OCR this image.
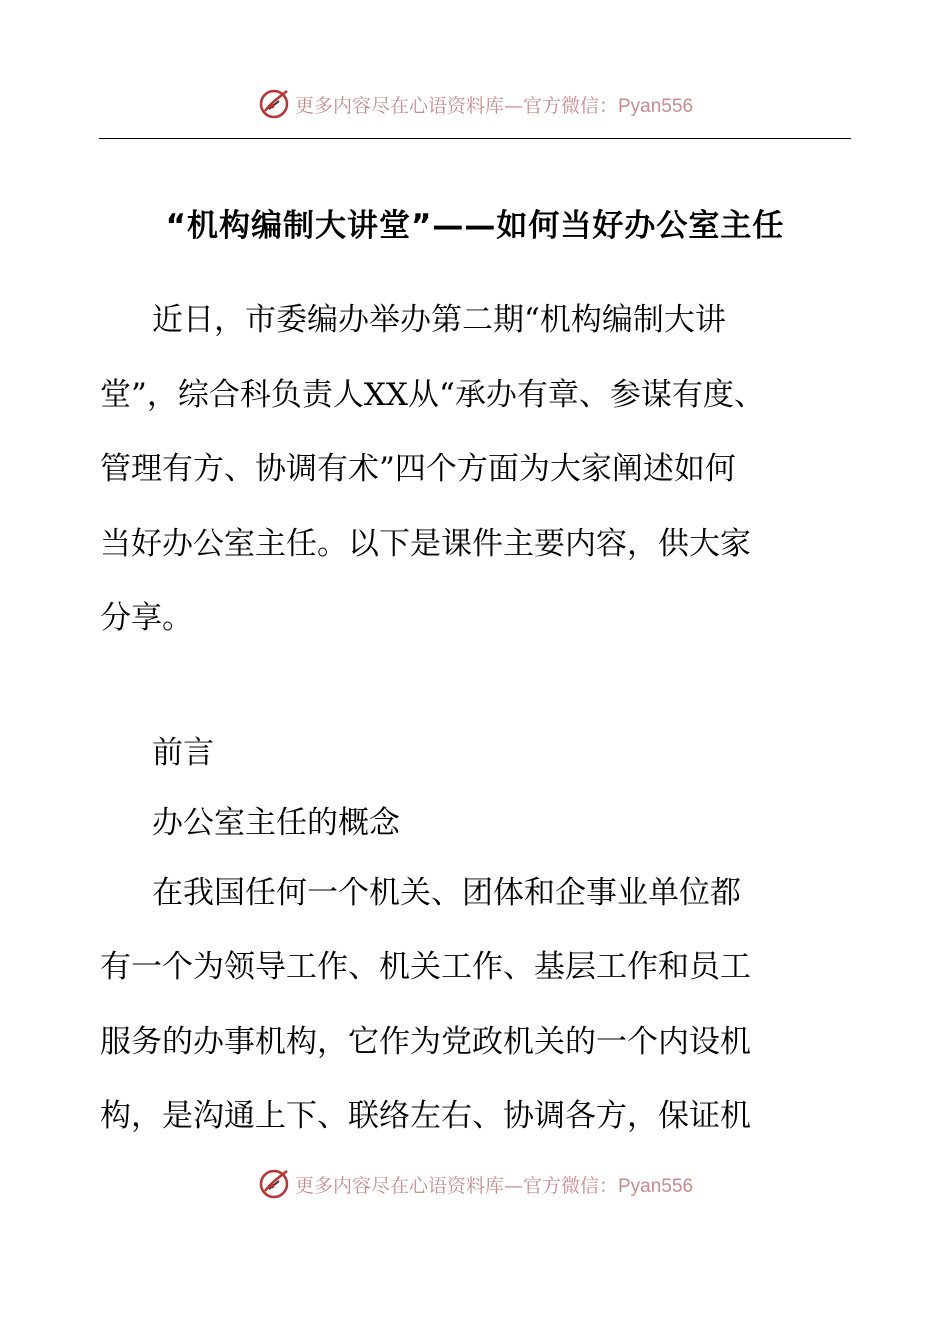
更多内容尽在心语资料库—官方微信：Pyan556
“机构编制大讲堂”——如何当好办公室主任
近日，市委编办举办第二期“机构编制大讲
堂”，综合科负责人XX从“承办有章、参谋有度、
管理有方、协调有术”四个方面为大家阐述如何
当好办公室主任。以下是课件主要内容，供大家
分享。
前言
办公室主任的概念
在我国任何一个机关、团体和企事业单位都
有一个为领导工作、机关工作、基层工作和员工
服务的办事机构，它作为党政机关的一个内设机
构，是沟通上下、联络左右、协调各方，保证机
更多内容尽在心语资料库—官方微信：Pyan556
